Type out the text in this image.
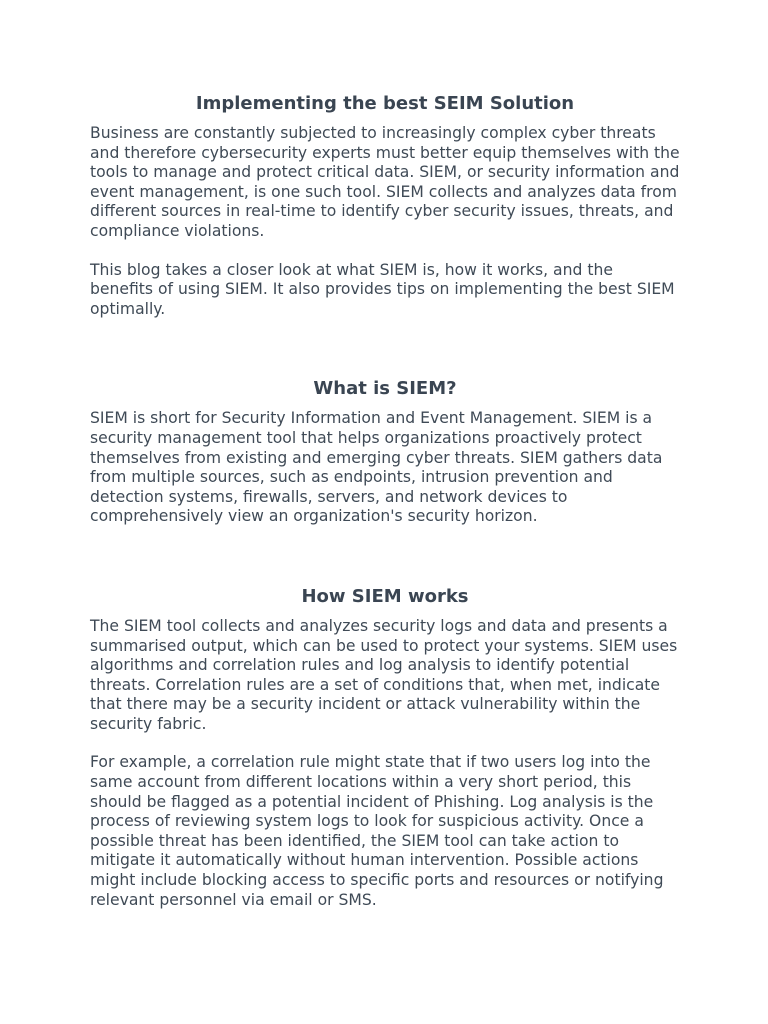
Implementing the best SEIM Solution

Business are constantly subjected to increasingly complex cyber threats and therefore cybersecurity experts must better equip themselves with the tools to manage and protect critical data. SIEM, or security information and event management, is one such tool. SIEM collects and analyzes data from different sources in real-time to identify cyber security issues, threats, and compliance violations.

This blog takes a closer look at what SIEM is, how it works, and the benefits of using SIEM. It also provides tips on implementing the best SIEM optimally.

What is SIEM?

SIEM is short for Security Information and Event Management. SIEM is a security management tool that helps organizations proactively protect themselves from existing and emerging cyber threats. SIEM gathers data from multiple sources, such as endpoints, intrusion prevention and detection systems, firewalls, servers, and network devices to comprehensively view an organization's security horizon.

How SIEM works

The SIEM tool collects and analyzes security logs and data and presents a summarised output, which can be used to protect your systems. SIEM uses algorithms and correlation rules and log analysis to identify potential threats. Correlation rules are a set of conditions that, when met, indicate that there may be a security incident or attack vulnerability within the security fabric.

For example, a correlation rule might state that if two users log into the same account from different locations within a very short period, this should be flagged as a potential incident of Phishing. Log analysis is the process of reviewing system logs to look for suspicious activity. Once a possible threat has been identified, the SIEM tool can take action to mitigate it automatically without human intervention. Possible actions might include blocking access to specific ports and resources or notifying relevant personnel via email or SMS.
